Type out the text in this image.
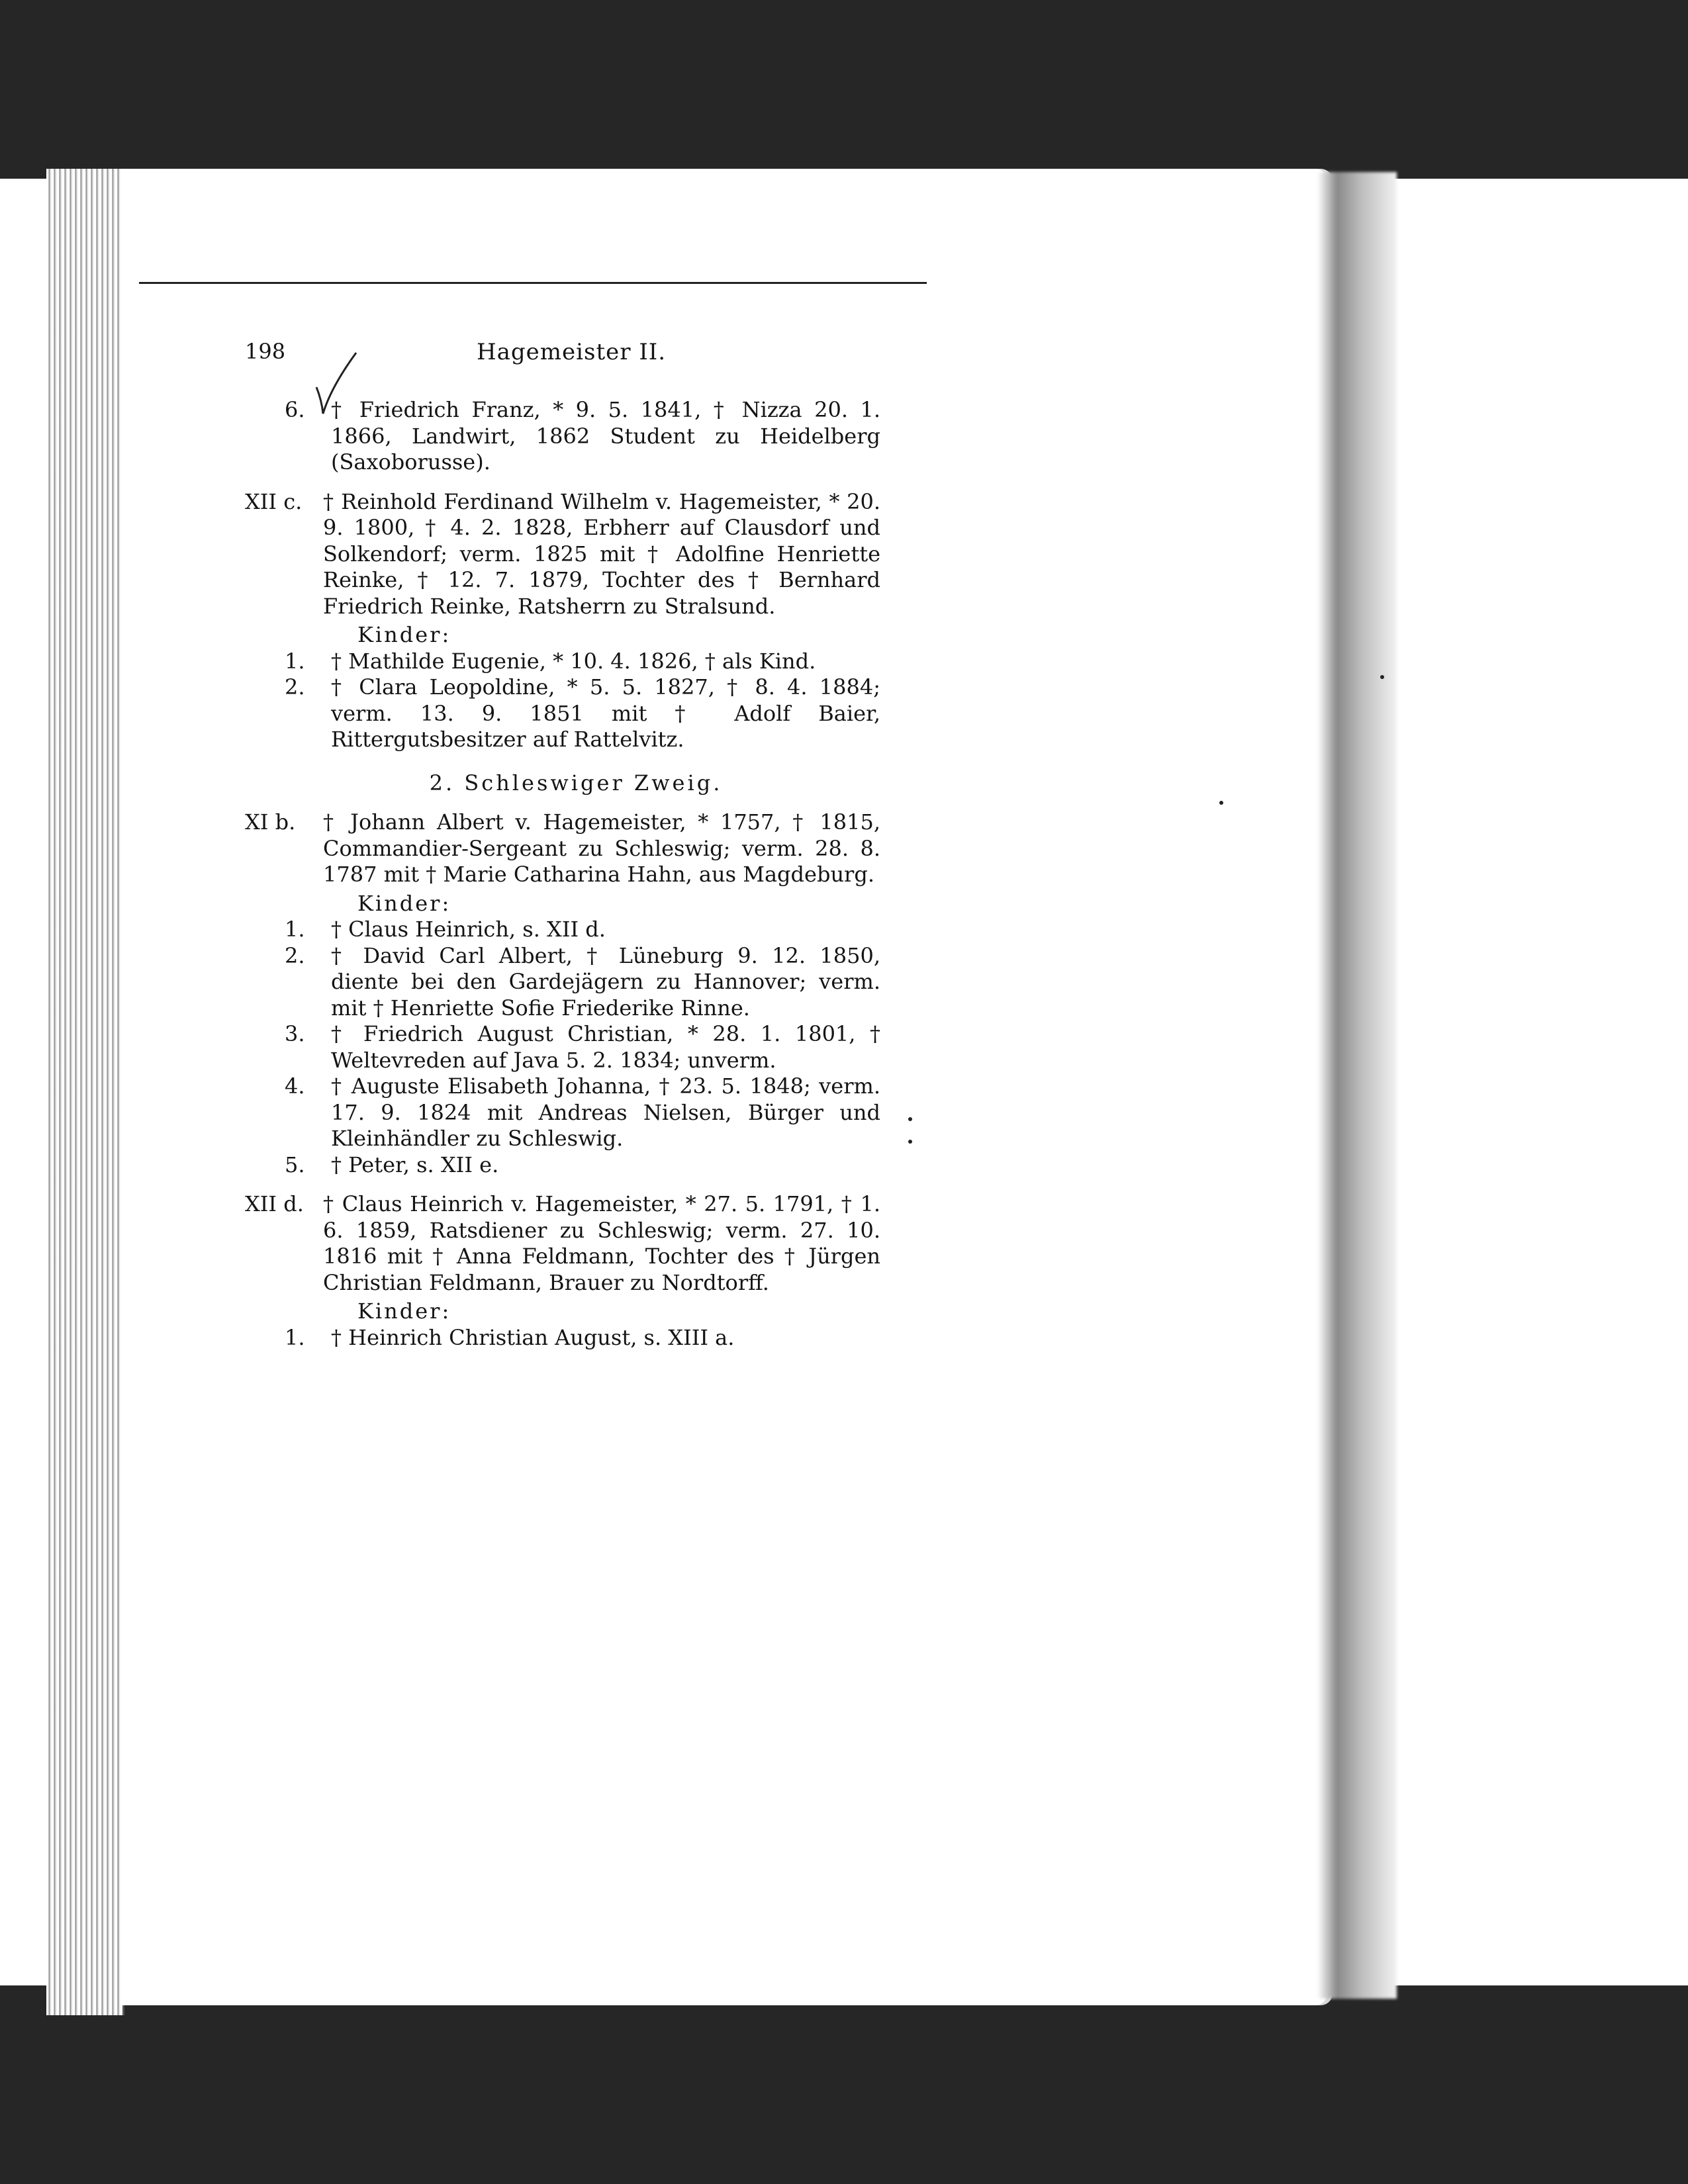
198	Hagemeister II.
6. † Friedrich Franz, * 9. 5. 1841, † Nizza 20. 1. 1866, Landwirt, 1862 Student zu Heidelberg (Saxoborusse).
XII c. † Reinhold Ferdinand Wilhelm v. Hagemeister, * 20. 9. 1800, † 4. 2. 1828, Erbherr auf Clausdorf und Solkendorf; verm. 1825 mit † Adolfine Henriette Reinke, † 12. 7. 1879, Tochter des † Bernhard Friedrich Reinke, Ratsherrn zu Stralsund.
Kinder:
1. † Mathilde Eugenie, * 10. 4. 1826, † als Kind.
2. † Clara Leopoldine, * 5. 5. 1827, † 8. 4. 1884; verm. 13. 9. 1851 mit † Adolf Baier, Rittergutsbesitzer auf Rattelvitz.
2. Schleswiger Zweig.
XI b. † Johann Albert v. Hagemeister, * 1757, † 1815, Commandier-Sergeant zu Schleswig; verm. 28. 8. 1787 mit † Marie Catharina Hahn, aus Magdeburg.
Kinder:
1. † Claus Heinrich, s. XII d.
2. † David Carl Albert, † Lüneburg 9. 12. 1850, diente bei den Gardejägern zu Hannover; verm. mit † Henriette Sofie Friederike Rinne.
3. † Friedrich August Christian, * 28. 1. 1801, † Weltevreden auf Java 5. 2. 1834; unverm.
4. † Auguste Elisabeth Johanna, † 23. 5. 1848; verm. 17. 9. 1824 mit Andreas Nielsen, Bürger und Kleinhändler zu Schleswig.
5. † Peter, s. XII e.
XII d. † Claus Heinrich v. Hagemeister, * 27. 5. 1791, † 1. 6. 1859, Ratsdiener zu Schleswig; verm. 27. 10. 1816 mit † Anna Feldmann, Tochter des † Jürgen Christian Feldmann, Brauer zu Nordtorff.
Kinder:
1. † Heinrich Christian August, s. XIII a.
